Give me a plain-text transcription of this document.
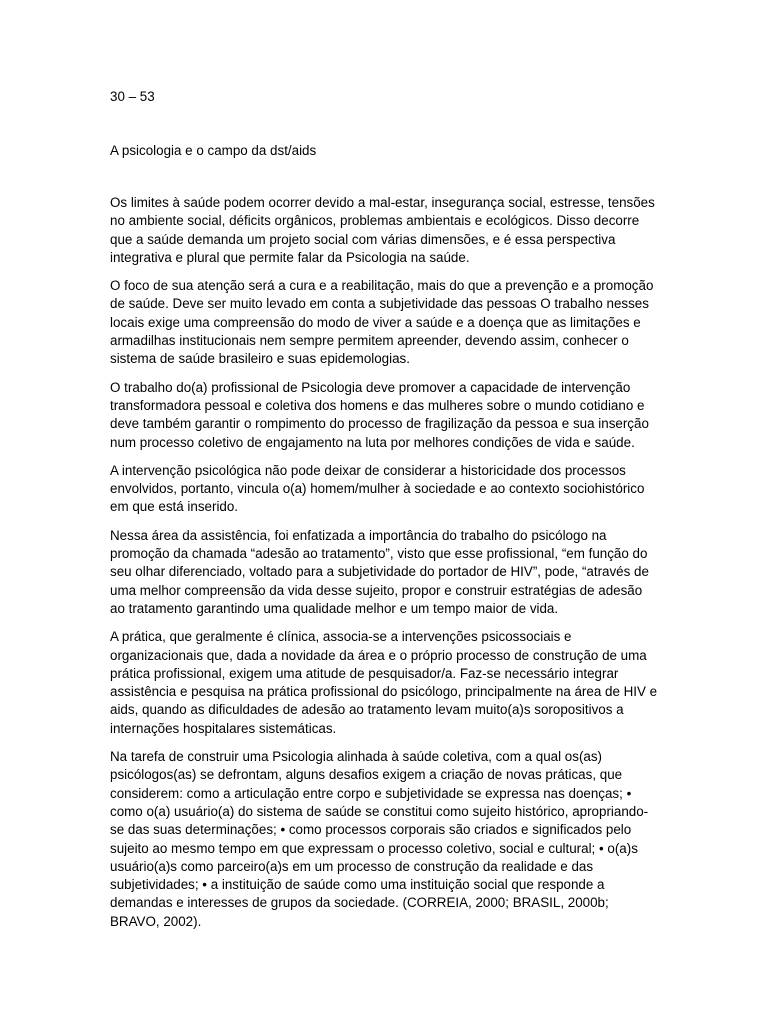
30 – 53

A psicologia e o campo da dst/aids

Os limites à saúde podem ocorrer devido a mal-estar, insegurança social, estresse, tensões no ambiente social, déficits orgânicos, problemas ambientais e ecológicos. Disso decorre que a saúde demanda um projeto social com várias dimensões, e é essa perspectiva integrativa e plural que permite falar da Psicologia na saúde.

O foco de sua atenção será a cura e a reabilitação, mais do que a prevenção e a promoção de saúde. Deve ser muito levado em conta a subjetividade das pessoas O trabalho nesses locais exige uma compreensão do modo de viver a saúde e a doença que as limitações e armadilhas institucionais nem sempre permitem apreender, devendo assim, conhecer o sistema de saúde brasileiro e suas epidemologias.

O trabalho do(a) profissional de Psicologia deve promover a capacidade de intervenção transformadora pessoal e coletiva dos homens e das mulheres sobre o mundo cotidiano e deve também garantir o rompimento do processo de fragilização da pessoa e sua inserção num processo coletivo de engajamento na luta por melhores condições de vida e saúde.

A intervenção psicológica não pode deixar de considerar a historicidade dos processos envolvidos, portanto, vincula o(a) homem/mulher à sociedade e ao contexto sociohistórico em que está inserido.

Nessa área da assistência, foi enfatizada a importância do trabalho do psicólogo na promoção da chamada “adesão ao tratamento”, visto que esse profissional, “em função do seu olhar diferenciado, voltado para a subjetividade do portador de HIV”, pode, “através de uma melhor compreensão da vida desse sujeito, propor e construir estratégias de adesão ao tratamento garantindo uma qualidade melhor e um tempo maior de vida.

A prática, que geralmente é clínica, associa-se a intervenções psicossociais e organizacionais que, dada a novidade da área e o próprio processo de construção de uma prática profissional, exigem uma atitude de pesquisador/a. Faz-se necessário integrar assistência e pesquisa na prática profissional do psicólogo, principalmente na área de HIV e aids, quando as dificuldades de adesão ao tratamento levam muito(a)s soropositivos a internações hospitalares sistemáticas.

Na tarefa de construir uma Psicologia alinhada à saúde coletiva, com a qual os(as) psicólogos(as) se defrontam, alguns desafios exigem a criação de novas práticas, que considerem: como a articulação entre corpo e subjetividade se expressa nas doenças; • como o(a) usuário(a) do sistema de saúde se constitui como sujeito histórico, apropriando-se das suas determinações; • como processos corporais são criados e significados pelo sujeito ao mesmo tempo em que expressam o processo coletivo, social e cultural; • o(a)s usuário(a)s como parceiro(a)s em um processo de construção da realidade e das subjetividades; • a instituição de saúde como uma instituição social que responde a demandas e interesses de grupos da sociedade. (CORREIA, 2000; BRASIL, 2000b; BRAVO, 2002).
